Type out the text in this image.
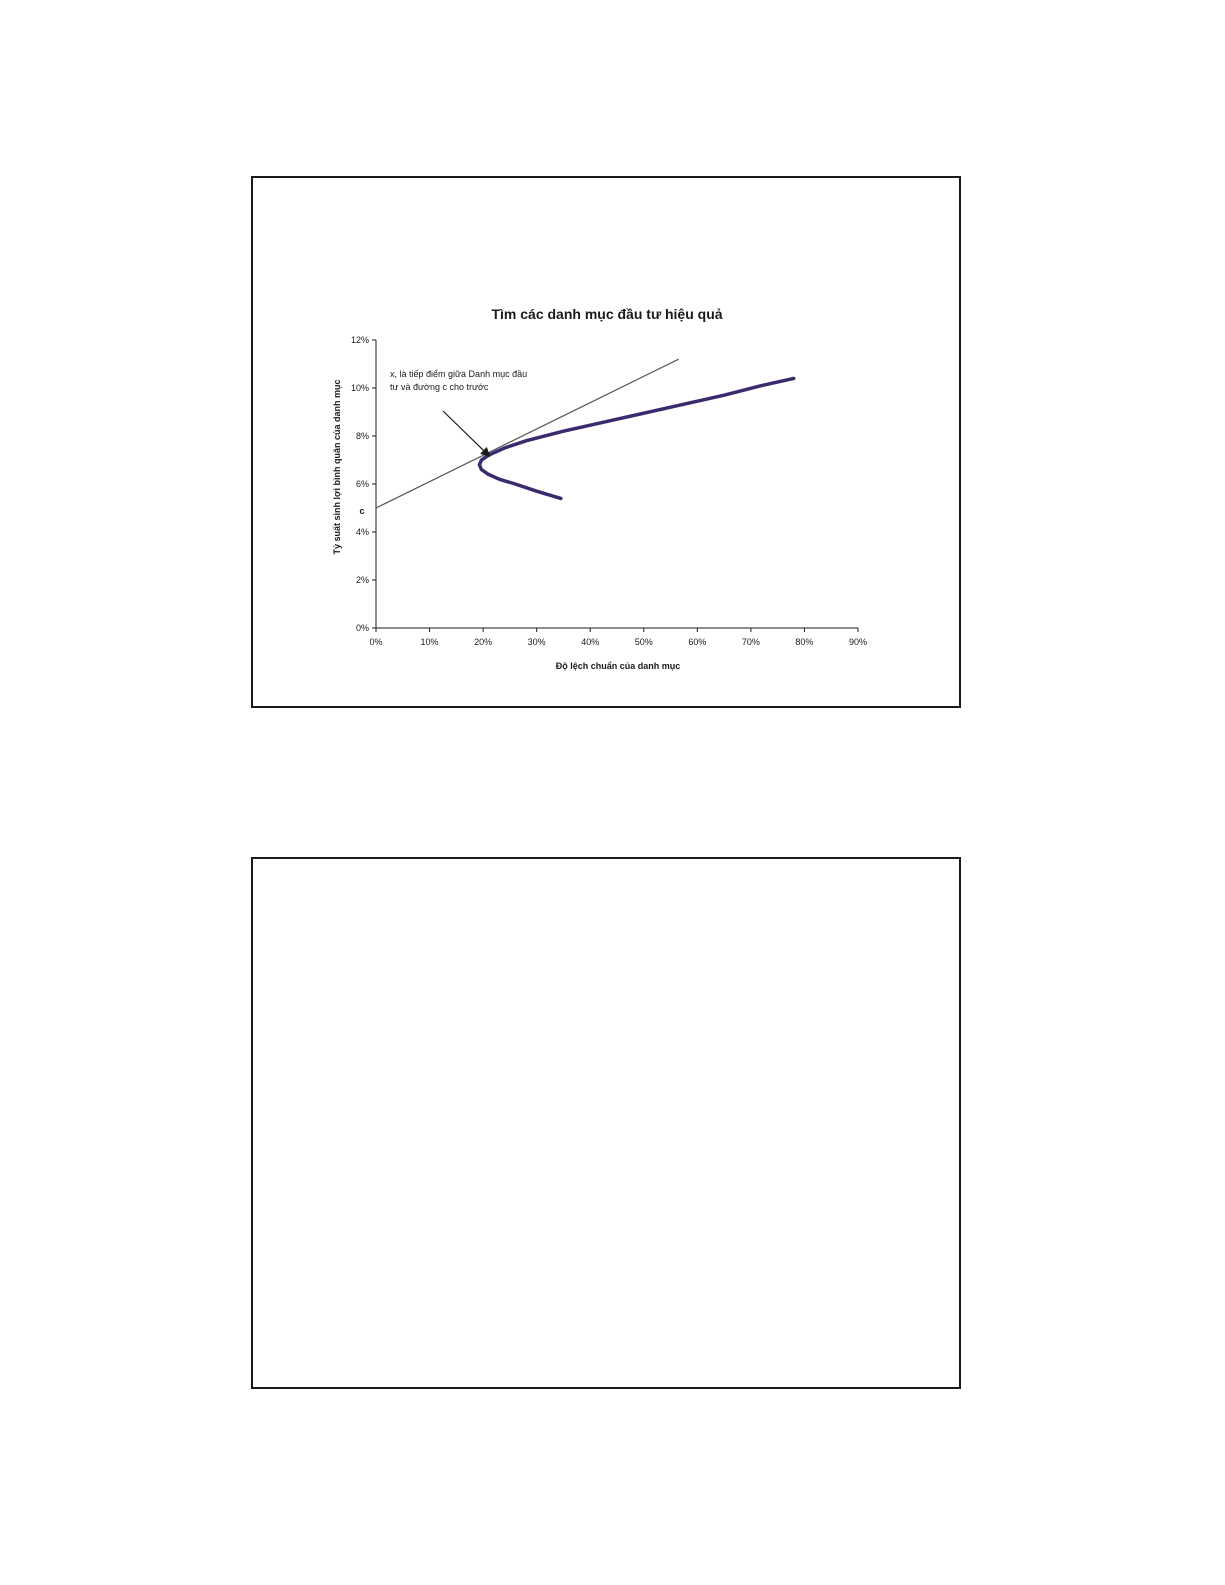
Tìm các danh mục đầu tư hiệu quả
Độ lệch chuẩn của danh mục
Tỷ suất sinh lợi bình quân của danh mục
0%
2%
4%
6%
8%
10%
12%
0%	10%	20%	30%	40%	50%	60%	70%	80%	90%
x, là tiếp điểm giữa Danh mục đầu tư và đường c cho trước
c
